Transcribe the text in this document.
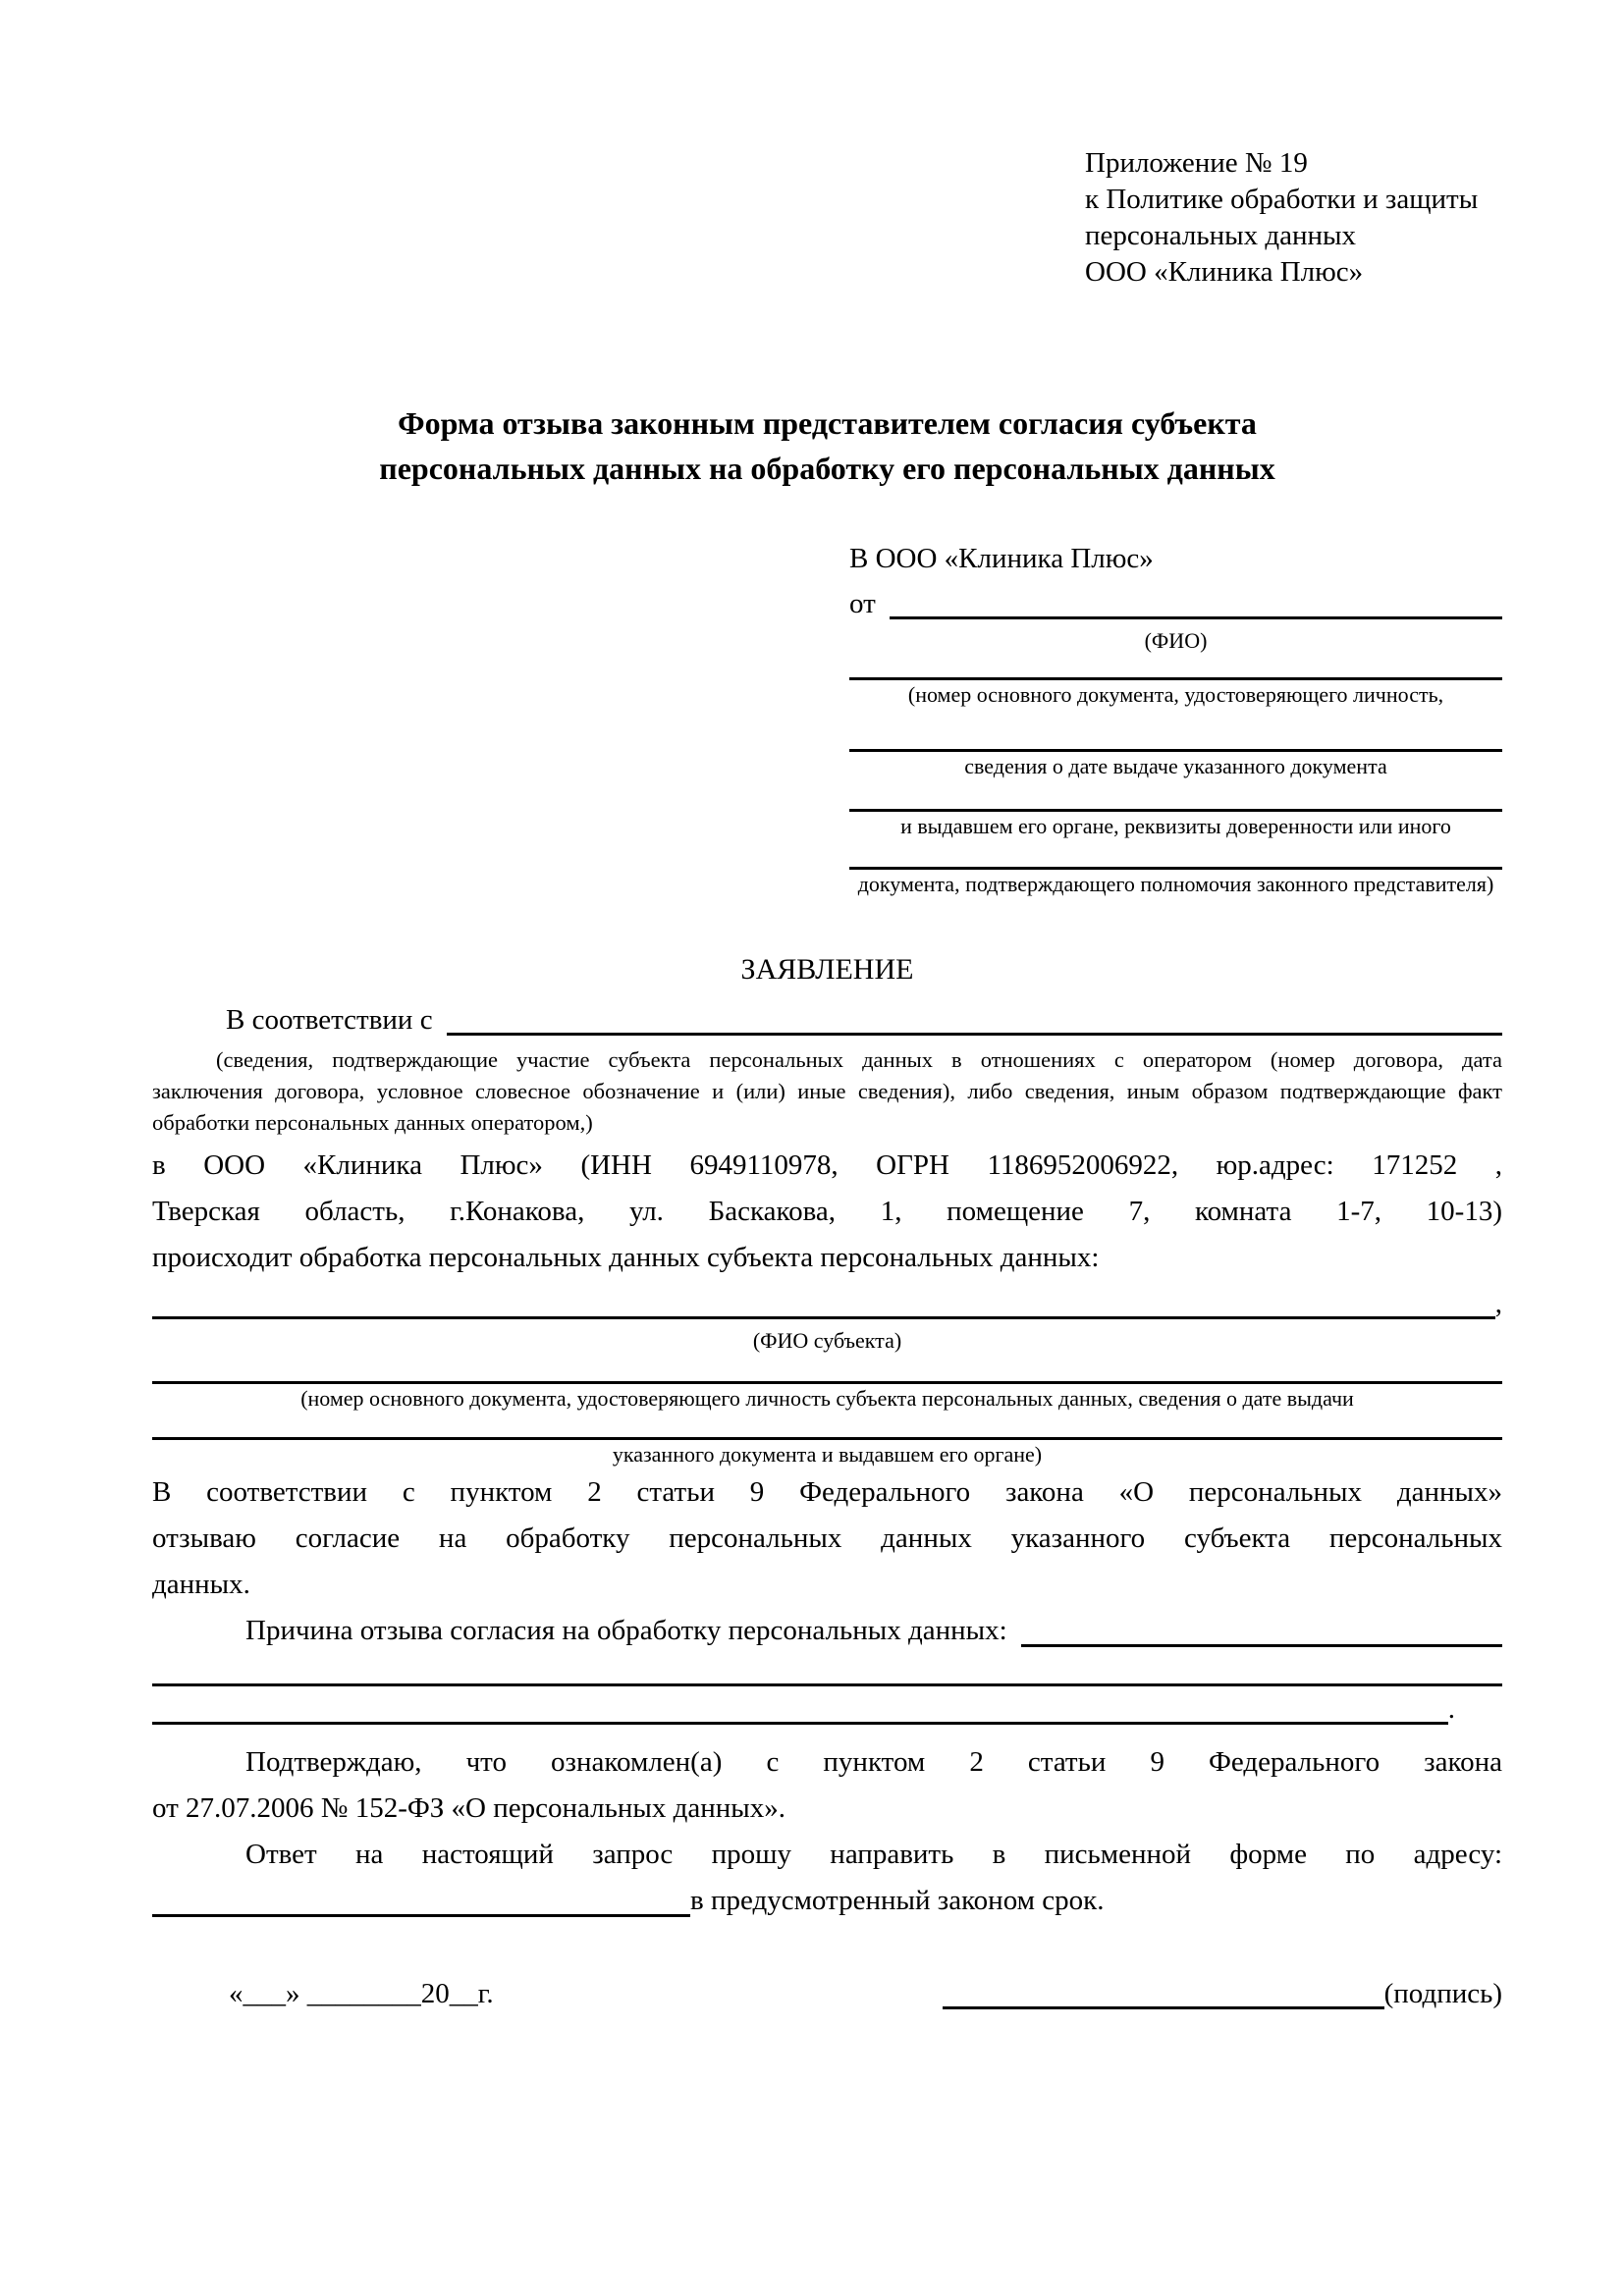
Приложение № 19
к Политике обработки и защиты
персональных данных
ООО «Клиника Плюс»
Форма отзыва законным представителем согласия субъекта
персональных данных на обработку его персональных данных
В ООО «Клиника Плюс»
от
(ФИО)
(номер основного документа, удостоверяющего личность,
сведения о дате выдаче указанного документа
и выдавшем его органе, реквизиты доверенности или иного
документа, подтверждающего полномочия законного представителя)
ЗАЯВЛЕНИЕ
В соответствии с
(сведения, подтверждающие участие субъекта персональных данных в отношениях с оператором (номер договора, дата
заключения договора, условное словесное обозначение и (или) иные сведения), либо сведения, иным образом подтверждающие факт
обработки персональных данных оператором,)
в ООО «Клиника Плюс» (ИНН 6949110978, ОГРН 1186952006922, юр.адрес: 171252 ,
Тверская область, г.Конакова, ул. Баскакова, 1, помещение 7, комната 1-7, 10-13)
происходит обработка персональных данных субъекта персональных данных:
,
(ФИО субъекта)
(номер основного документа, удостоверяющего личность субъекта персональных данных, сведения о дате выдачи
указанного документа и выдавшем его органе)
В соответствии с пунктом 2 статьи 9 Федерального закона «О персональных данных»
отзываю согласие на обработку персональных данных указанного субъекта персональных
данных.
Причина отзыва согласия на обработку персональных данных:
.
Подтверждаю, что ознакомлен(а) с пунктом 2 статьи 9 Федерального закона
от 27.07.2006 № 152-ФЗ «О персональных данных».
Ответ на настоящий запрос прошу направить в письменной форме по адресу:
в предусмотренный законом срок.
«___» ________20__г.	(подпись)
